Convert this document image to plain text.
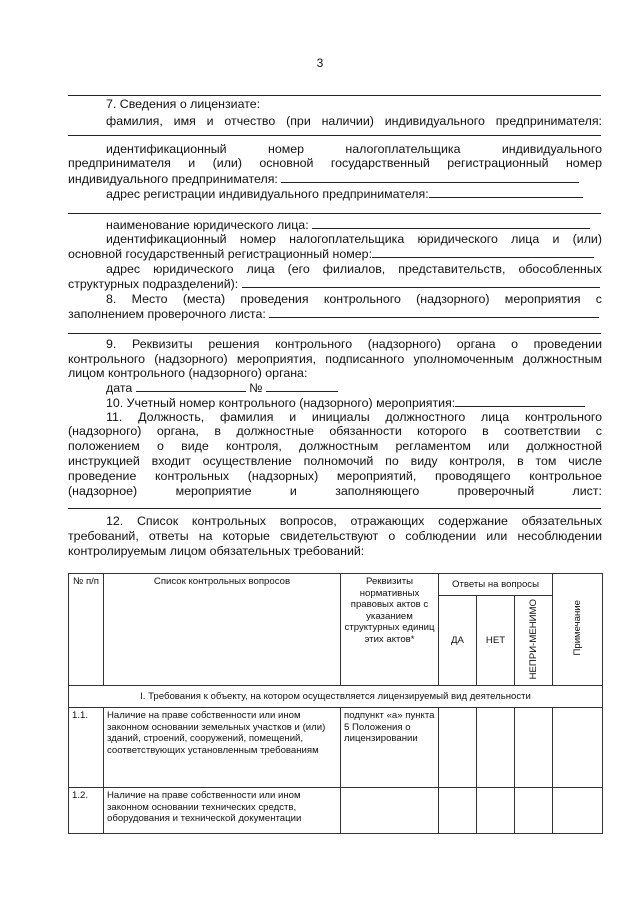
3
7. Сведения о лицензиате:
фамилия, имя и отчество (при наличии) индивидуального предпринимателя:
идентификационный номер налогоплательщика индивидуального
предпринимателя и (или) основной государственный регистрационный номер
индивидуального предпринимателя:
адрес регистрации индивидуального предпринимателя:
наименование юридического лица:
идентификационный номер налогоплательщика юридического лица и (или)
основной государственный регистрационный номер:
адрес юридического лица (его филиалов, представительств, обособленных
структурных подразделений):
8. Место (места) проведения контрольного (надзорного) мероприятия с
заполнением проверочного листа:
9. Реквизиты решения контрольного (надзорного) органа о проведении
контрольного (надзорного) мероприятия, подписанного уполномоченным должностным
лицом контрольного (надзорного) органа:
дата	№
10. Учетный номер контрольного (надзорного) мероприятия:
11. Должность, фамилия и инициалы должностного лица контрольного
(надзорного) органа, в должностные обязанности которого в соответствии с
положением о виде контроля, должностным регламентом или должностной
инструкцией входит осуществление полномочий по виду контроля, в том числе
проведение контрольных (надзорных) мероприятий, проводящего контрольное
(надзорное) мероприятие и заполняющего проверочный лист:
12. Список контрольных вопросов, отражающих содержание обязательных
требований, ответы на которые свидетельствуют о соблюдении или несоблюдении
контролируемым лицом обязательных требований:
№ п/п	Список контрольных вопросов	Реквизиты нормативных правовых актов с указанием структурных единиц этих актов*	Ответы на вопросы			Примечание
			ДА	НЕТ	НЕПРИ-МЕНИМО	
I. Требования к объекту, на котором осуществляется лицензируемый вид деятельности						
1.1.	Наличие на праве собственности или ином законном основании земельных участков и (или) зданий, строений, сооружений, помещений, соответствующих установленным требованиям	подпункт «а» пункта 5 Положения о лицензировании				
1.2.	Наличие на праве собственности или ином законном основании технических средств, оборудования и технической документации					
